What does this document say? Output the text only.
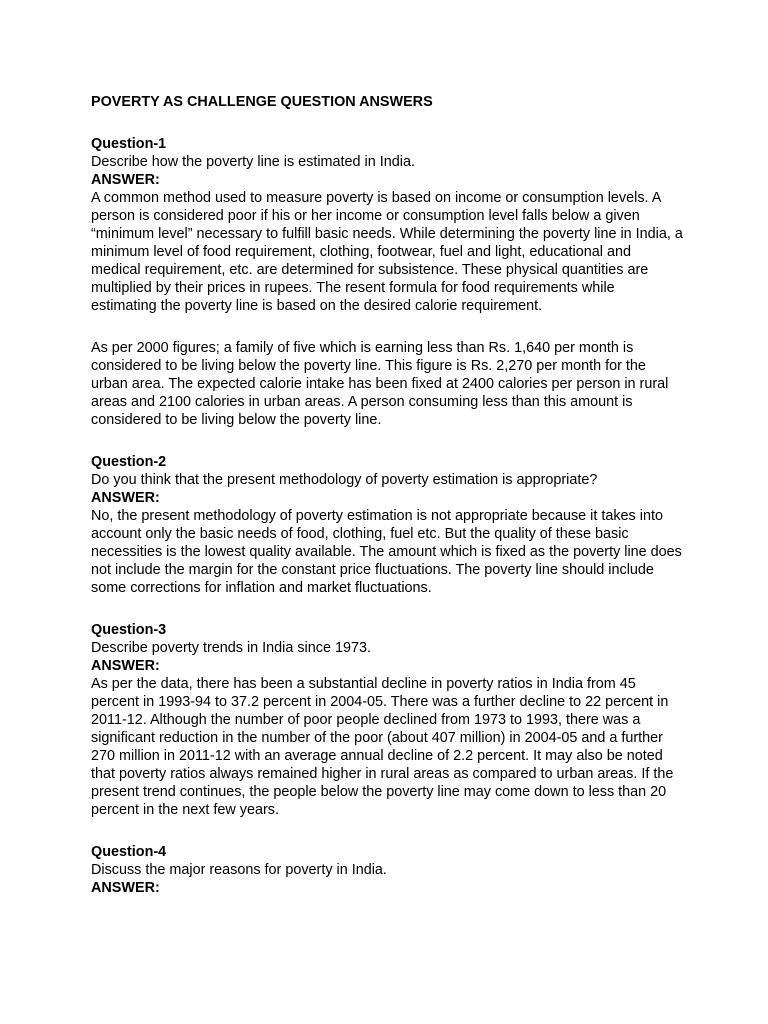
POVERTY AS CHALLENGE QUESTION ANSWERS
Question-1
Describe how the poverty line is estimated in India.
ANSWER:
A common method used to measure poverty is based on income or consumption levels. A person is considered poor if his or her income or consumption level falls below a given “minimum level” necessary to fulfill basic needs. While determining the poverty line in India, a minimum level of food requirement, clothing, footwear, fuel and light, educational and medical requirement, etc. are determined for subsistence. These physical quantities are multiplied by their prices in rupees. The resent formula for food requirements while estimating the poverty line is based on the desired calorie requirement.
As per 2000 figures; a family of five which is earning less than Rs. 1,640 per month is considered to be living below the poverty line. This figure is Rs. 2,270 per month for the urban area. The expected calorie intake has been fixed at 2400 calories per person in rural areas and 2100 calories in urban areas. A person consuming less than this amount is considered to be living below the poverty line.
Question-2
Do you think that the present methodology of poverty estimation is appropriate?
ANSWER:
No, the present methodology of poverty estimation is not appropriate because it takes into account only the basic needs of food, clothing, fuel etc. But the quality of these basic necessities is the lowest quality available. The amount which is fixed as the poverty line does not include the margin for the constant price fluctuations. The poverty line should include some corrections for inflation and market fluctuations.
Question-3
Describe poverty trends in India since 1973.
ANSWER:
As per the data, there has been a substantial decline in poverty ratios in India from 45 percent in 1993-94 to 37.2 percent in 2004-05. There was a further decline to 22 percent in 2011-12. Although the number of poor people declined from 1973 to 1993, there was a significant reduction in the number of the poor (about 407 million) in 2004-05 and a further 270 million in 2011-12 with an average annual decline of 2.2 percent. It may also be noted that poverty ratios always remained higher in rural areas as compared to urban areas. If the present trend continues, the people below the poverty line may come down to less than 20 percent in the next few years.
Question-4
Discuss the major reasons for poverty in India.
ANSWER:
